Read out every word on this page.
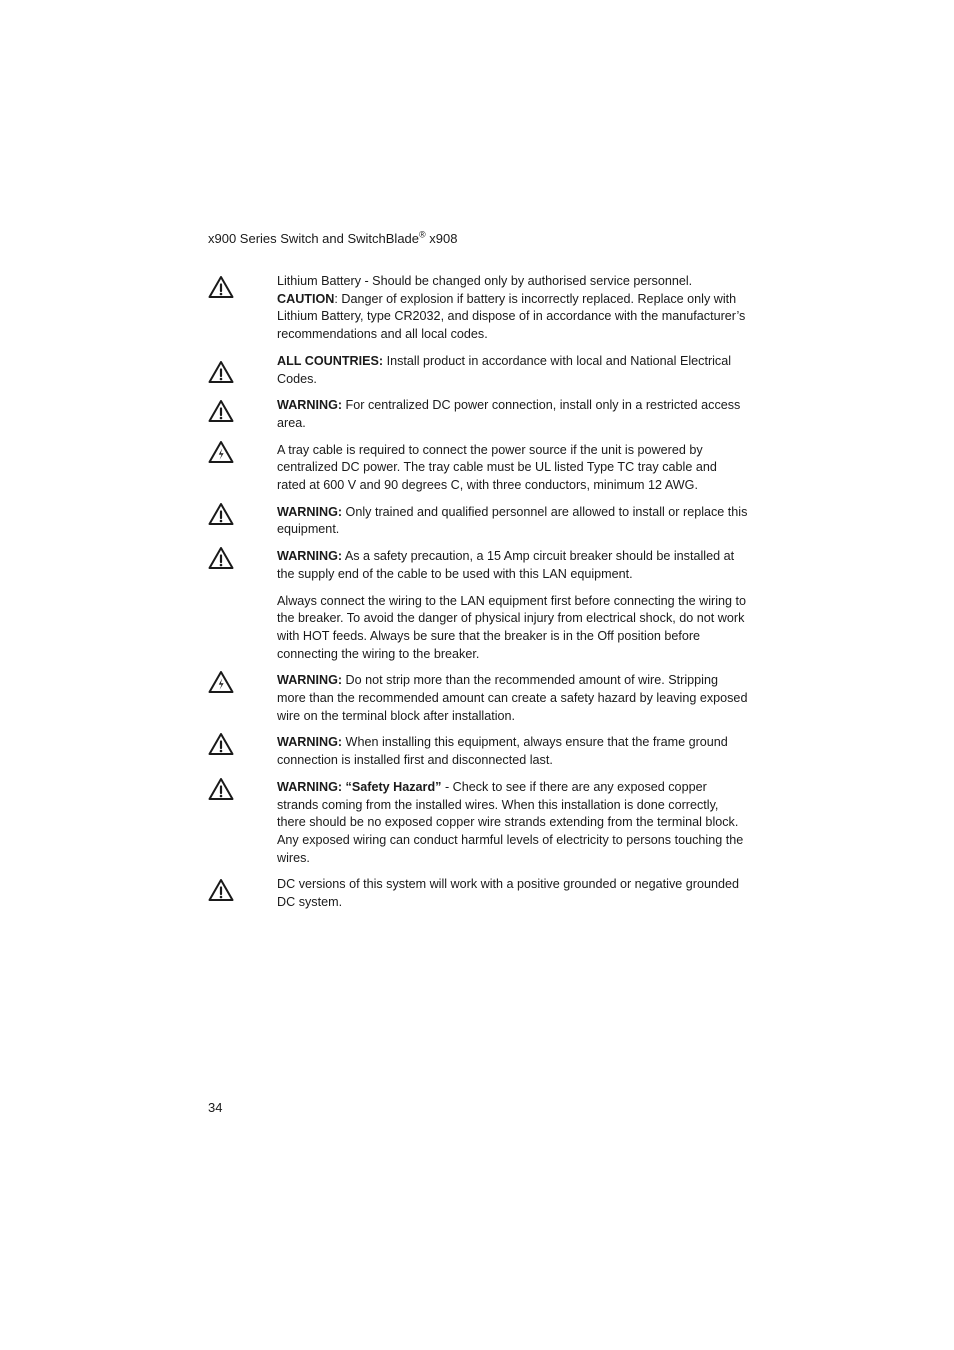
x900 Series Switch and SwitchBlade® x908

Lithium Battery - Should be changed only by authorised service personnel.

CAUTION: Danger of explosion if battery is incorrectly replaced. Replace only with Lithium Battery, type CR2032, and dispose of in accordance with the manufacturer’s recommendations and all local codes.

ALL COUNTRIES: Install product in accordance with local and National Electrical Codes.

WARNING: For centralized DC power connection, install only in a restricted access area.

A tray cable is required to connect the power source if the unit is powered by centralized DC power. The tray cable must be UL listed Type TC tray cable and rated at 600 V and 90 degrees C, with three conductors, minimum 12 AWG.

WARNING: Only trained and qualified personnel are allowed to install or replace this equipment.

WARNING: As a safety precaution, a 15 Amp circuit breaker should be installed at the supply end of the cable to be used with this LAN equipment.

Always connect the wiring to the LAN equipment first before connecting the wiring to the breaker. To avoid the danger of physical injury from electrical shock, do not work with HOT feeds. Always be sure that the breaker is in the Off position before connecting the wiring to the breaker.

WARNING: Do not strip more than the recommended amount of wire. Stripping more than the recommended amount can create a safety hazard by leaving exposed wire on the terminal block after installation.

WARNING: When installing this equipment, always ensure that the frame ground connection is installed first and disconnected last.

WARNING: “Safety Hazard” - Check to see if there are any exposed copper strands coming from the installed wires. When this installation is done correctly, there should be no exposed copper wire strands extending from the terminal block. Any exposed wiring can conduct harmful levels of electricity to persons touching the wires.

DC versions of this system will work with a positive grounded or negative grounded DC system.

34
